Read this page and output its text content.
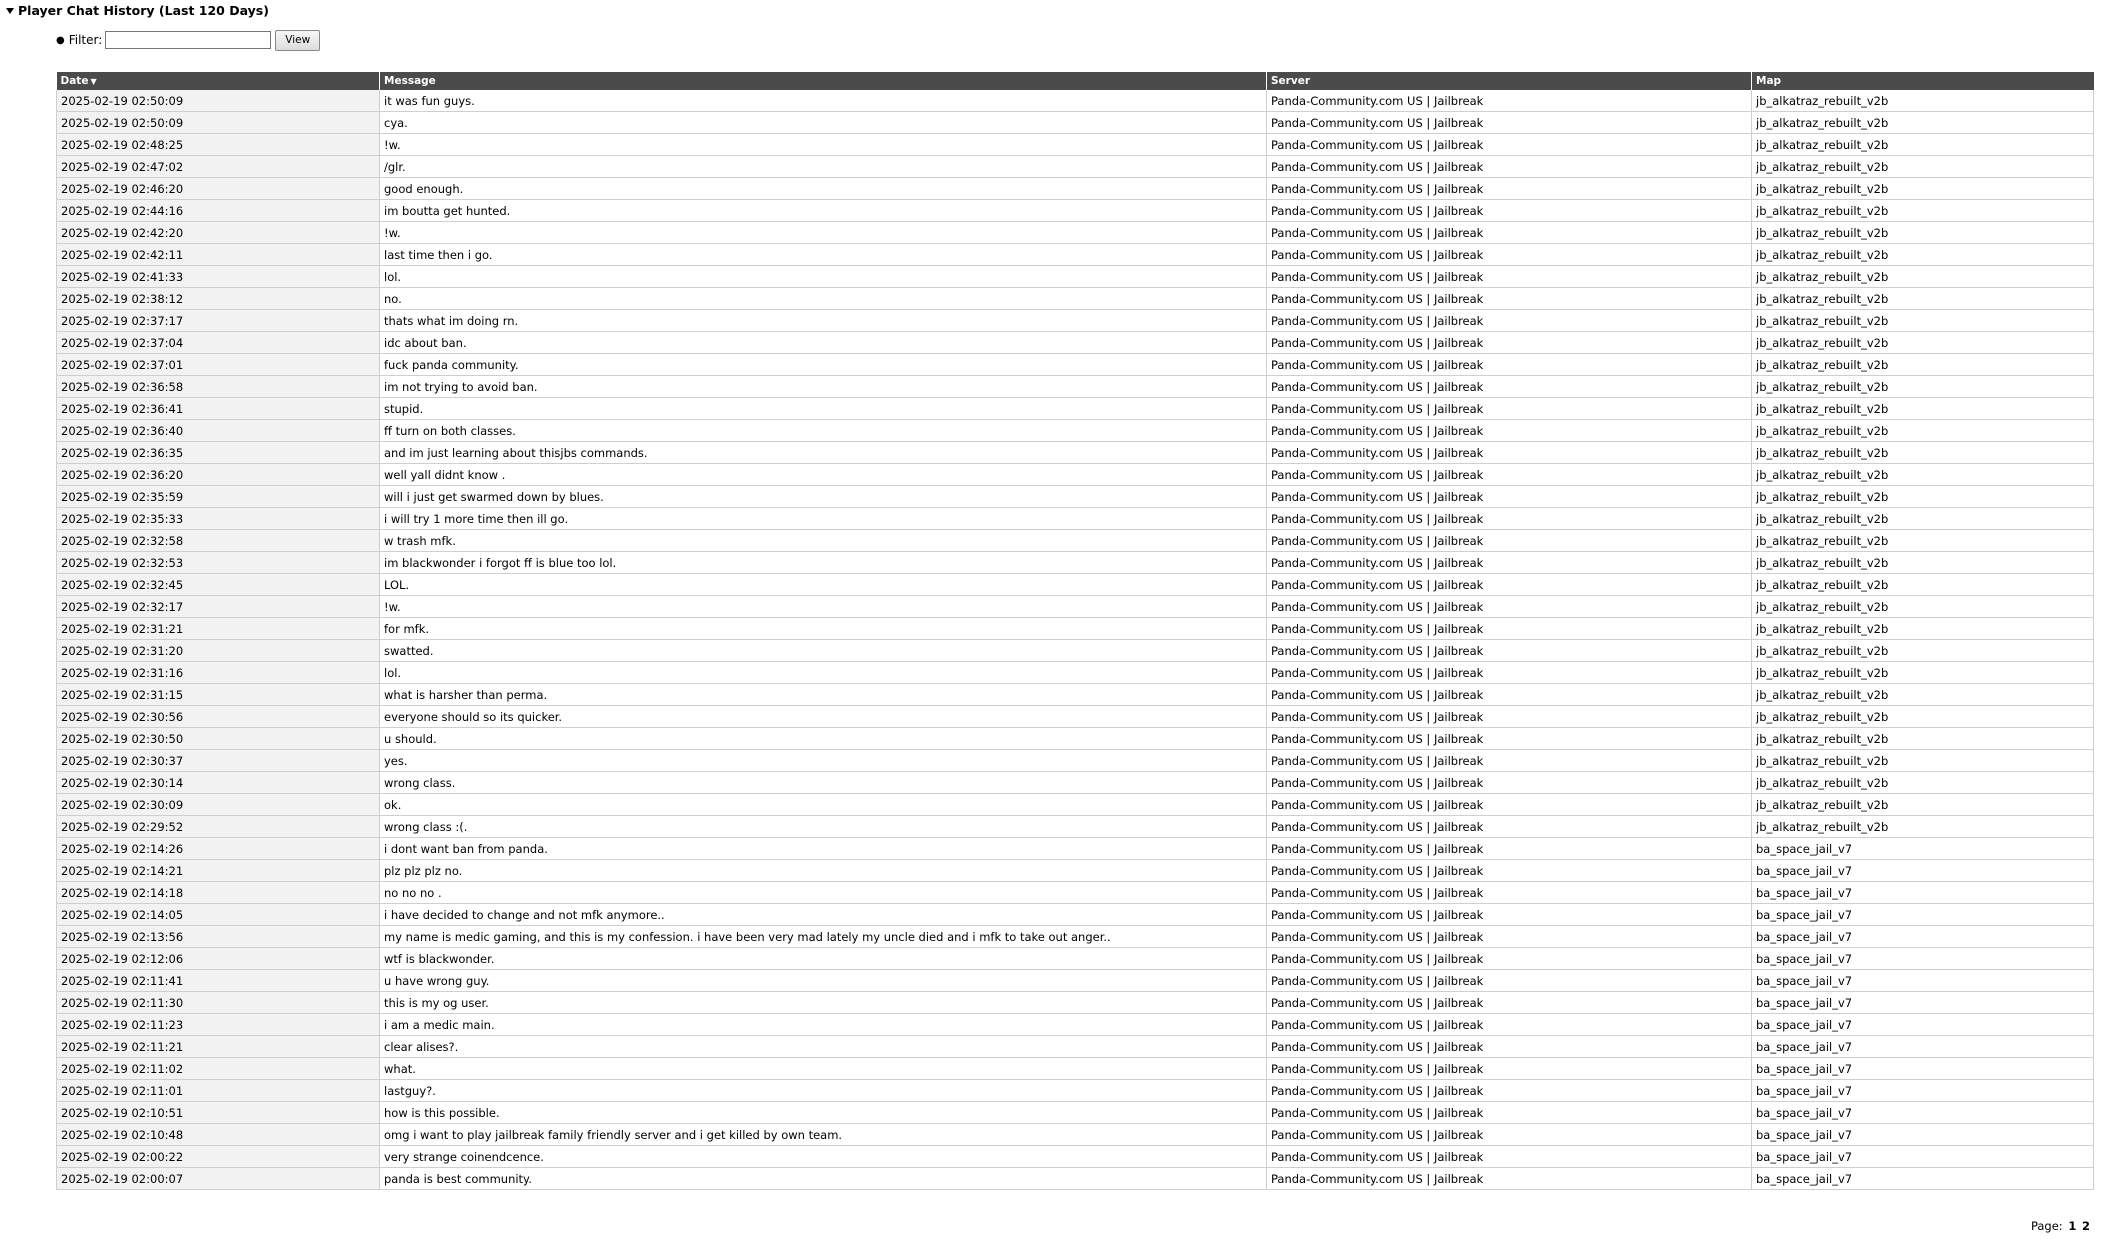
Player Chat History (Last 120 Days)
● Filter:	View
Date ▼	Message	Server	Map
2025-02-19 02:50:09	it was fun guys.	Panda-Community.com US | Jailbreak	jb_alkatraz_rebuilt_v2b
2025-02-19 02:50:09	cya.	Panda-Community.com US | Jailbreak	jb_alkatraz_rebuilt_v2b
2025-02-19 02:48:25	!w.	Panda-Community.com US | Jailbreak	jb_alkatraz_rebuilt_v2b
2025-02-19 02:47:02	/glr.	Panda-Community.com US | Jailbreak	jb_alkatraz_rebuilt_v2b
2025-02-19 02:46:20	good enough.	Panda-Community.com US | Jailbreak	jb_alkatraz_rebuilt_v2b
2025-02-19 02:44:16	im boutta get hunted.	Panda-Community.com US | Jailbreak	jb_alkatraz_rebuilt_v2b
2025-02-19 02:42:20	!w.	Panda-Community.com US | Jailbreak	jb_alkatraz_rebuilt_v2b
2025-02-19 02:42:11	last time then i go.	Panda-Community.com US | Jailbreak	jb_alkatraz_rebuilt_v2b
2025-02-19 02:41:33	lol.	Panda-Community.com US | Jailbreak	jb_alkatraz_rebuilt_v2b
2025-02-19 02:38:12	no.	Panda-Community.com US | Jailbreak	jb_alkatraz_rebuilt_v2b
2025-02-19 02:37:17	thats what im doing rn.	Panda-Community.com US | Jailbreak	jb_alkatraz_rebuilt_v2b
2025-02-19 02:37:04	idc about ban.	Panda-Community.com US | Jailbreak	jb_alkatraz_rebuilt_v2b
2025-02-19 02:37:01	fuck panda community.	Panda-Community.com US | Jailbreak	jb_alkatraz_rebuilt_v2b
2025-02-19 02:36:58	im not trying to avoid ban.	Panda-Community.com US | Jailbreak	jb_alkatraz_rebuilt_v2b
2025-02-19 02:36:41	stupid.	Panda-Community.com US | Jailbreak	jb_alkatraz_rebuilt_v2b
2025-02-19 02:36:40	ff turn on both classes.	Panda-Community.com US | Jailbreak	jb_alkatraz_rebuilt_v2b
2025-02-19 02:36:35	and im just learning about thisjbs commands.	Panda-Community.com US | Jailbreak	jb_alkatraz_rebuilt_v2b
2025-02-19 02:36:20	well yall didnt know .	Panda-Community.com US | Jailbreak	jb_alkatraz_rebuilt_v2b
2025-02-19 02:35:59	will i just get swarmed down by blues.	Panda-Community.com US | Jailbreak	jb_alkatraz_rebuilt_v2b
2025-02-19 02:35:33	i will try 1 more time then ill go.	Panda-Community.com US | Jailbreak	jb_alkatraz_rebuilt_v2b
2025-02-19 02:32:58	w trash mfk.	Panda-Community.com US | Jailbreak	jb_alkatraz_rebuilt_v2b
2025-02-19 02:32:53	im blackwonder i forgot ff is blue too lol.	Panda-Community.com US | Jailbreak	jb_alkatraz_rebuilt_v2b
2025-02-19 02:32:45	LOL.	Panda-Community.com US | Jailbreak	jb_alkatraz_rebuilt_v2b
2025-02-19 02:32:17	!w.	Panda-Community.com US | Jailbreak	jb_alkatraz_rebuilt_v2b
2025-02-19 02:31:21	for mfk.	Panda-Community.com US | Jailbreak	jb_alkatraz_rebuilt_v2b
2025-02-19 02:31:20	swatted.	Panda-Community.com US | Jailbreak	jb_alkatraz_rebuilt_v2b
2025-02-19 02:31:16	lol.	Panda-Community.com US | Jailbreak	jb_alkatraz_rebuilt_v2b
2025-02-19 02:31:15	what is harsher than perma.	Panda-Community.com US | Jailbreak	jb_alkatraz_rebuilt_v2b
2025-02-19 02:30:56	everyone should so its quicker.	Panda-Community.com US | Jailbreak	jb_alkatraz_rebuilt_v2b
2025-02-19 02:30:50	u should.	Panda-Community.com US | Jailbreak	jb_alkatraz_rebuilt_v2b
2025-02-19 02:30:37	yes.	Panda-Community.com US | Jailbreak	jb_alkatraz_rebuilt_v2b
2025-02-19 02:30:14	wrong class.	Panda-Community.com US | Jailbreak	jb_alkatraz_rebuilt_v2b
2025-02-19 02:30:09	ok.	Panda-Community.com US | Jailbreak	jb_alkatraz_rebuilt_v2b
2025-02-19 02:29:52	wrong class :(.	Panda-Community.com US | Jailbreak	jb_alkatraz_rebuilt_v2b
2025-02-19 02:14:26	i dont want ban from panda.	Panda-Community.com US | Jailbreak	ba_space_jail_v7
2025-02-19 02:14:21	plz plz plz no.	Panda-Community.com US | Jailbreak	ba_space_jail_v7
2025-02-19 02:14:18	no no no .	Panda-Community.com US | Jailbreak	ba_space_jail_v7
2025-02-19 02:14:05	i have decided to change and not mfk anymore..	Panda-Community.com US | Jailbreak	ba_space_jail_v7
2025-02-19 02:13:56	my name is medic gaming, and this is my confession. i have been very mad lately my uncle died and i mfk to take out anger..	Panda-Community.com US | Jailbreak	ba_space_jail_v7
2025-02-19 02:12:06	wtf is blackwonder.	Panda-Community.com US | Jailbreak	ba_space_jail_v7
2025-02-19 02:11:41	u have wrong guy.	Panda-Community.com US | Jailbreak	ba_space_jail_v7
2025-02-19 02:11:30	this is my og user.	Panda-Community.com US | Jailbreak	ba_space_jail_v7
2025-02-19 02:11:23	i am a medic main.	Panda-Community.com US | Jailbreak	ba_space_jail_v7
2025-02-19 02:11:21	clear alises?.	Panda-Community.com US | Jailbreak	ba_space_jail_v7
2025-02-19 02:11:02	what.	Panda-Community.com US | Jailbreak	ba_space_jail_v7
2025-02-19 02:11:01	lastguy?.	Panda-Community.com US | Jailbreak	ba_space_jail_v7
2025-02-19 02:10:51	how is this possible.	Panda-Community.com US | Jailbreak	ba_space_jail_v7
2025-02-19 02:10:48	omg i want to play jailbreak family friendly server and i get killed by own team.	Panda-Community.com US | Jailbreak	ba_space_jail_v7
2025-02-19 02:00:22	very strange coinendcence.	Panda-Community.com US | Jailbreak	ba_space_jail_v7
2025-02-19 02:00:07	panda is best community.	Panda-Community.com US | Jailbreak	ba_space_jail_v7
Page: 1 2
